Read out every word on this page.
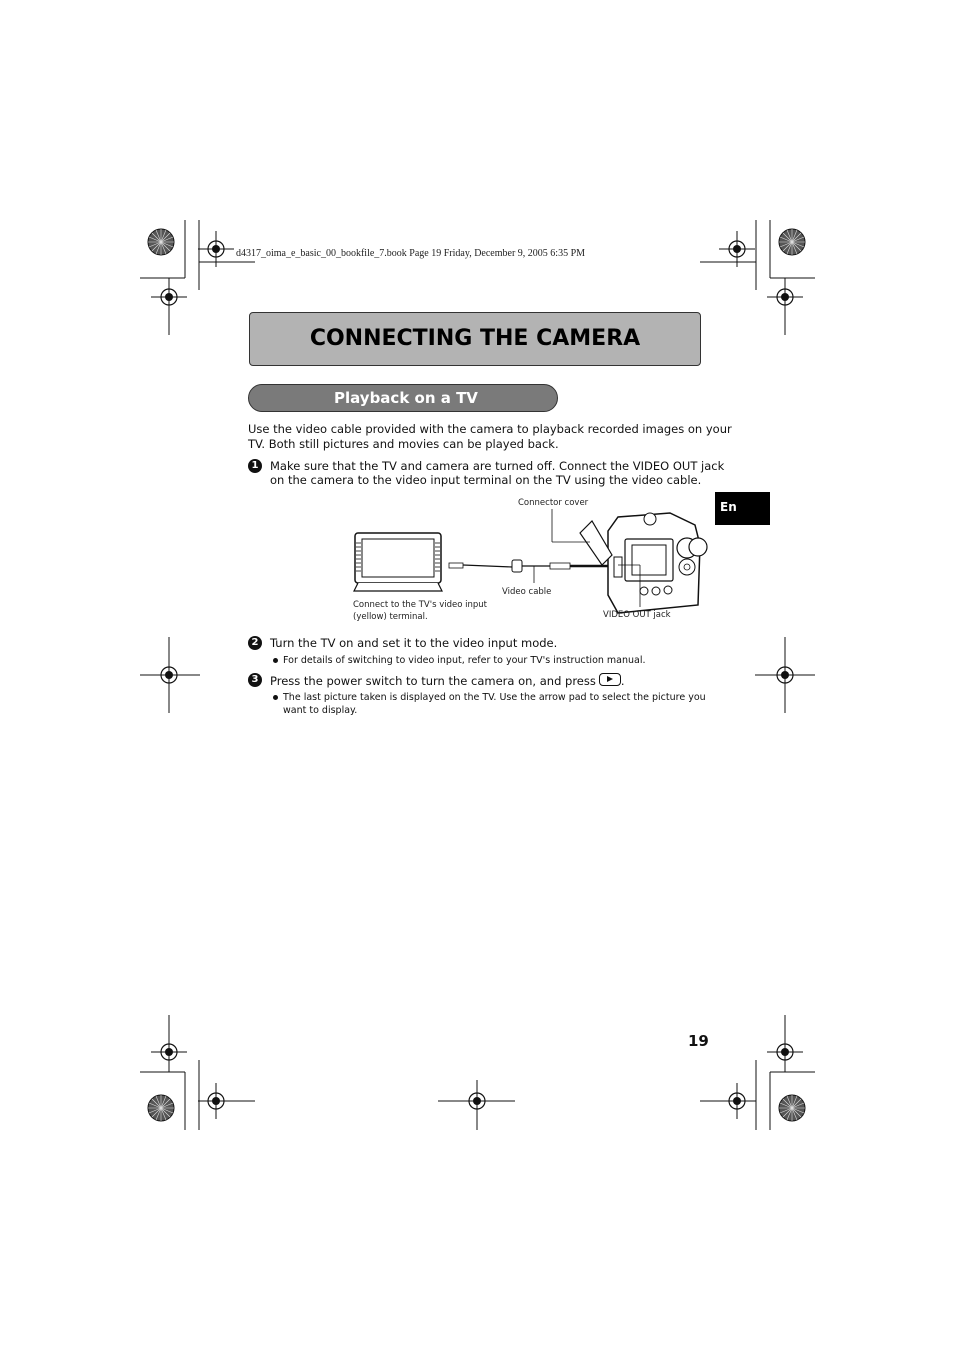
d4317_oima_e_basic_00_bookfile_7.book Page 19 Friday, December 9, 2005 6:35 PM
CONNECTING THE CAMERA
Playback on a TV
Use the video cable provided with the camera to playback recorded images on your
TV. Both still pictures and movies can be played back.
1	Make sure that the TV and camera are turned off. Connect the VIDEO OUT jack
on the camera to the video input terminal on the TV using the video cable.
Connector cover
Video cable
Connect to the TV's video input
(yellow) terminal.	VIDEO OUT jack
2	Turn the TV on and set it to the video input mode.
For details of switching to video input, refer to your TV's instruction manual.
3	Press the power switch to turn the camera on, and press .
The last picture taken is displayed on the TV. Use the arrow pad to select the picture you
want to display.
En
19
